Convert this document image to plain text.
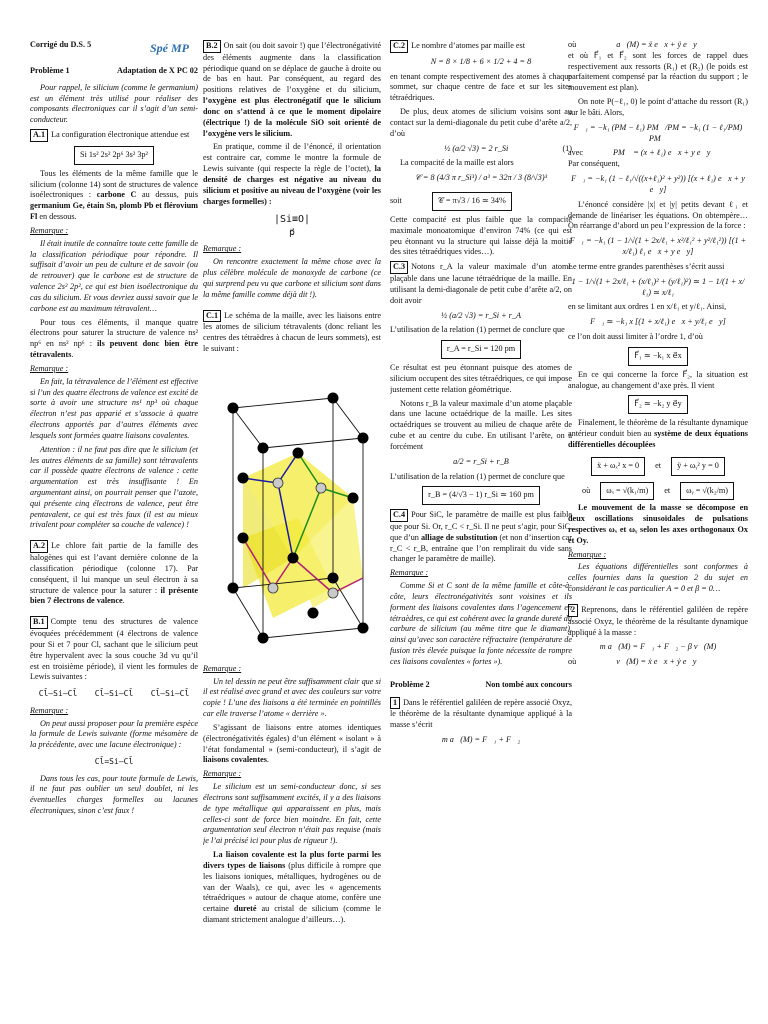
Corrigé du D.S. 5	Spé MP
Problème 1	Adaptation de X PC 02

Pour rappel, le silicium (comme le germanium) est un élément très utilisé pour réaliser des composants électroniques car il s’agit d’un semi-conducteur.

A.1 La configuration électronique attendue est

Si 1s² 2s² 2p⁶ 3s² 3p²

Tous les éléments de la même famille que le silicium (colonne 14) sont de structures de valence isoélectroniques : carbone C au dessus, puis germanium Ge, étain Sn, plomb Pb et flérovium Fl en dessous.

Remarque :

Il était inutile de connaître toute cette famille de la classification périodique pour répondre. Il suffisait d’avoir un peu de culture et de savoir (ou de retrouver) que le carbone est de structure de valence 2s² 2p², ce qui est bien isoélectronique du cas du silicium. Et vous devriez aussi savoir que le carbone est au maximum tétravalent…

Pour tous ces éléments, il manque quatre électrons pour saturer la structure de valence ns² np⁶ en ns² np⁶ : ils peuvent donc bien être tétravalents.

Remarque :

En fait, la tétravalence de l’élément est effective si l’un des quatre électrons de valence est excité de sorte à avoir une structure ns¹ np³ où chaque électron n’est pas apparié et s’associe à quatre électrons apportés par d’autres éléments avec lesquels sont formées quatre liaisons covalentes.

Attention : il ne faut pas dire que le silicium (et les autres éléments de sa famille) sont tétravalents car il possède quatre électrons de valence : cette argumentation est très insuffisante ! En argumentant ainsi, on pourrait penser que l’azote, qui présente cinq électrons de valence, peut être pentavalent, ce qui est très faux (il est au mieux trivalent pour compléter sa couche de valence) !

A.2 Le chlore fait partie de la famille des halogènes qui est l’avant dernière colonne de la classification périodique (colonne 17). Par conséquent, il lui manque un seul électron à sa structure de valence pour la saturer : il présente bien 7 électrons de valence.

B.1 Compte tenu des structures de valence évoquées précédemment (4 électrons de valence pour Si et 7 pour Cl, sachant que le silicium peut être hypervalent avec la sous couche 3d vu qu’il est en troisième période), il vient les formules de Lewis suivantes :

Cl̄–Si–Cl̄ Cl̄–Si–Cl̄ Cl̄–Si–Cl̄

Remarque :

On peut aussi proposer pour la première espèce la formule de Lewis suivante (forme mésomère de la précédente, avec une lacune électronique) :

Cl̄=Si–Cl̄

Dans tous les cas, pour toute formule de Lewis, il ne faut pas oublier un seul doublet, ni les éventuelles charges formelles ou lacunes électroniques, sinon c’est faux !

B.2 On sait (ou doit savoir !) que l’électronégativité des éléments augmente dans la classification périodique quand on se déplace de gauche à droite ou de bas en haut. Par conséquent, au regard des positions relatives de l’oxygène et du silicium, l’oxygène est plus électronégatif que le silicium donc on s’attend à ce que le moment dipolaire (électrique !) de la molécule SiO soit orienté de l’oxygène vers le silicium.

En pratique, comme il de l’énoncé, il orientation est contraire car, comme le montre la formule de Lewis suivante (qui respecte la règle de l’octet), la densité de charges est négative au niveau du silicium et positive au niveau de l’oxygène (voir les charges formelles) :

|Si≡O|
p⃗

Remarque :

On rencontre exactement la même chose avec la plus célèbre molécule de monoxyde de carbone (ce qui surprend peu vu que carbone et silicium sont dans la même famille comme déjà dit !).

C.1 Le schéma de la maille, avec les liaisons entre les atomes de silicium tétravalents (donc reliant les centres des tétraèdres à chacun de leurs sommets), est le suivant :

Remarque :

Un tel dessin ne peut être suffisamment clair que si il est réalisé avec grand et avec des couleurs sur votre copie ! L’une des liaisons a été terminée en pointillés car elle traverse l’atome « derrière ».

S’agissant de liaisons entre atomes identiques (électronégativités égales) d’un élément « isolant » à l’état fondamental » (semi-conducteur), il s’agit de liaisons covalentes.

Remarque :

Le silicium est un semi-conducteur donc, si ses électrons sont suffisamment excités, il y a des liaisons de type métallique qui apparaissent en plus, mais celles-ci sont de force bien moindre. En fait, cette argumentation seul électron n’était pas requise (mais je l’ai précisé ici pour plus de rigueur !).

La liaison covalente est la plus forte parmi les divers types de liaisons (plus difficile à rompre que les liaisons ioniques, métalliques, hydrogènes ou de van der Waals), ce qui, avec les « agencements tétraédriques » autour de chaque atome, confère une certaine dureté au cristal de silicium (comme le diamant strictement analogue d’ailleurs…).

C.2 Le nombre d’atomes par maille est

N = 8 × 1/8 + 6 × 1/2 + 4 = 8

en tenant compte respectivement des atomes à chaque sommet, sur chaque centre de face et sur les sites tétraédriques.

De plus, deux atomes de silicium voisins sont au contact sur la demi-diagonale du petit cube d’arête a/2, d’où

½ (a/2 √3) = 2 r_Si	(1)

La compacité de la maille est alors

𝒞 = 8 (4/3 π r_Si³) / a³ = 32π / 3 (8/√3)³
soit	𝒞 = π√3 / 16 ≃ 34%

Cette compacité est plus faible que la compacité maximale monoatomique d’environ 74% (ce qui est peu étonnant vu la structure qui laisse déjà la moitié des sites tétraédriques vides…).

C.3 Notons r_A la valeur maximale d’un atome plaçable dans une lacune tétraédrique de la maille. En utilisant la demi-diagonale de petit cube d’arête a/2, on doit avoir

½ (a/2 √3) = r_Si + r_A

L’utilisation de la relation (1) permet de conclure que

r_A = r_Si = 120 pm

Ce résultat est peu étonnant puisque des atomes de silicium occupent des sites tétraédriques, ce qui impose justement cette relation géométrique.

Notons r_B la valeur maximale d’un atome plaçable dans une lacune octaédrique de la maille. Les sites octaédriques se trouvent au milieu de chaque arête de cube et au centre du cube. En utilisant l’arête, on a forcément

a/2 = r_Si + r_B

L’utilisation de la relation (1) permet de conclure que

r_B = (4/√3 − 1) r_Si ≃ 160 pm

C.4 Pour SiC, le paramètre de maille est plus faible que pour Si. Or, r_C < r_Si. Il ne peut s’agir, pour SiC, que d’un alliage de substitution (et non d’insertion car r_C < r_B, entraîne que l’on remplirait du vide sans changer le paramètre de maille).

Remarque :

Comme Si et C sont de la même famille et côte-à-côte, leurs électronégativités sont voisines et ils forment des liaisons covalentes dans l’agencement en tétraèdres, ce qui est cohérent avec la grande dureté du carbure de silicium (au même titre que le diamant), ainsi qu’avec son caractère réfractaire (température de fusion très élevée puisque la fonte nécessite de rompre ces liaisons covalentes « fortes »).

Problème 2	Non tombé aux concours

1 Dans le référentiel galiléen de repère associé Oxyz, le théorème de la résultante dynamique appliqué à la masse s’écrit

m a⃗(M) = F⃗₁ + F⃗₂
où	a⃗(M) = ẍ e⃗x + ÿ e⃗y

et où F⃗₁ et F⃗₂ sont les forces de rappel dues respectivement aux ressorts (R₁) et (R₂) (le poids est parfaitement compensé par la réaction du support ; le mouvement est plan).

On note P(−ℓ₁, 0) le point d’attache du ressort (R₁) sur le bâti. Alors,

F⃗₁ = −k₁ (PM − ℓ₁) PM⃗/PM = −k₁ (1 − ℓ₁/PM) PM⃗
avec	PM⃗ = (x + ℓ₁) e⃗x + y e⃗y

Par conséquent,

F⃗₁ = −k₁ (1 − ℓ₁/√((x+ℓ₁)² + y²)) [(x + ℓ₁) e⃗x + y e⃗y]

L’énoncé considère |x| et |y| petits devant ℓ₁ et demande de linéariser les équations. On obtempère… On réarrange d’abord un peu l’expression de la force :

F⃗₁ = −k₁ (1 − 1/√(1 + 2x/ℓ₁ + x²/ℓ₁² + y²/ℓ₁²)) [(1 + x/ℓ₁) ℓ₁ e⃗x + y e⃗y]

Le terme entre grandes parenthèses s’écrit aussi

1 − 1/√(1 + 2x/ℓ₁ + (x/ℓ₁)² + (y/ℓ₁)²) ≃ 1 − 1/(1 + x/ℓ₁) ≃ x/ℓ₁

en se limitant aux ordres 1 en x/ℓ₁ et y/ℓ₁. Ainsi,

F⃗₁ ≃ −k₁ x [(1 + x/ℓ₁) e⃗x + y/ℓ₁ e⃗y]

ce l’on doit aussi limiter à l’ordre 1, d’où

F⃗₁ ≃ −k₁ x e⃗x

En ce qui concerne la force F⃗₂, la situation est analogue, au changement d’axe près. Il vient

F⃗₂ ≃ −k₂ y e⃗y

Finalement, le théorème de la résultante dynamique antérieur conduit bien au système de deux équations différentielles découplées

ẍ + ωₓ² x = 0 et ÿ + ωᵧ² y = 0
où ωₓ = √(k₁/m) et ωᵧ = √(k₂/m)

Le mouvement de la masse se décompose en deux oscillations sinusoïdales de pulsations respectives ωₓ et ωᵧ selon les axes orthogonaux Ox et Oy.

Remarque :

Les équations différentielles sont conformes à celles fournies dans la question 2 du sujet en considérant le cas particulier A = 0 et β = 0…

2 Reprenons, dans le référentiel galiléen de repère associé Oxyz, le théorème de la résultante dynamique appliqué à la masse :

m a⃗(M) = F⃗₁ + F⃗₂ − β v⃗(M)
où	v⃗(M) = ẋ e⃗x + ẏ e⃗y
